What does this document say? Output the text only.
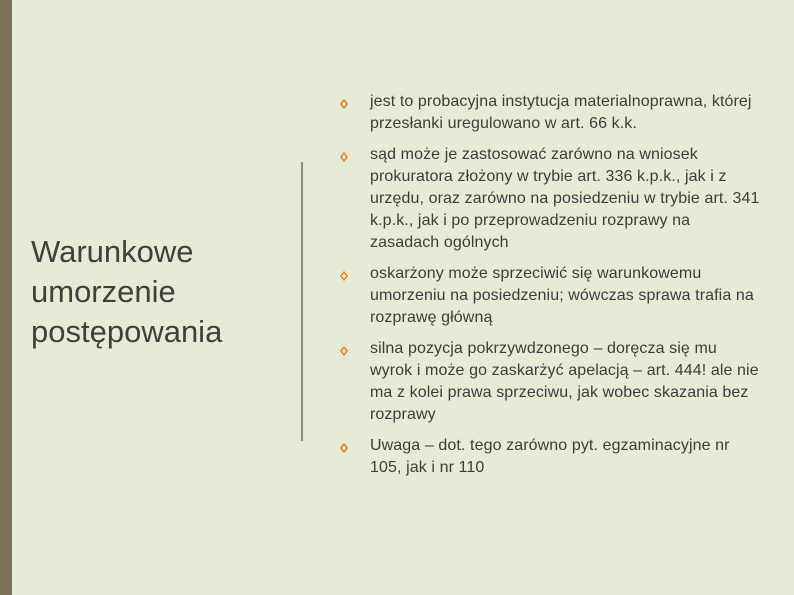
Warunkowe
umorzenie
postępowania
jest to probacyjna instytucja materialnoprawna, której przesłanki uregulowano w art. 66 k.k.
sąd może je zastosować zarówno na wniosek prokuratora złożony w trybie art. 336 k.p.k., jak i z urzędu, oraz zarówno na posiedzeniu w trybie art. 341 k.p.k., jak i po przeprowadzeniu rozprawy na zasadach ogólnych
oskarżony może sprzeciwić się warunkowemu umorzeniu na posiedzeniu; wówczas sprawa trafia na rozprawę główną
silna pozycja pokrzywdzonego – doręcza się mu wyrok i może go zaskarżyć apelacją – art. 444! ale nie ma z kolei prawa sprzeciwu, jak wobec skazania bez rozprawy
Uwaga – dot. tego zarówno pyt. egzaminacyjne nr 105, jak i nr 110
